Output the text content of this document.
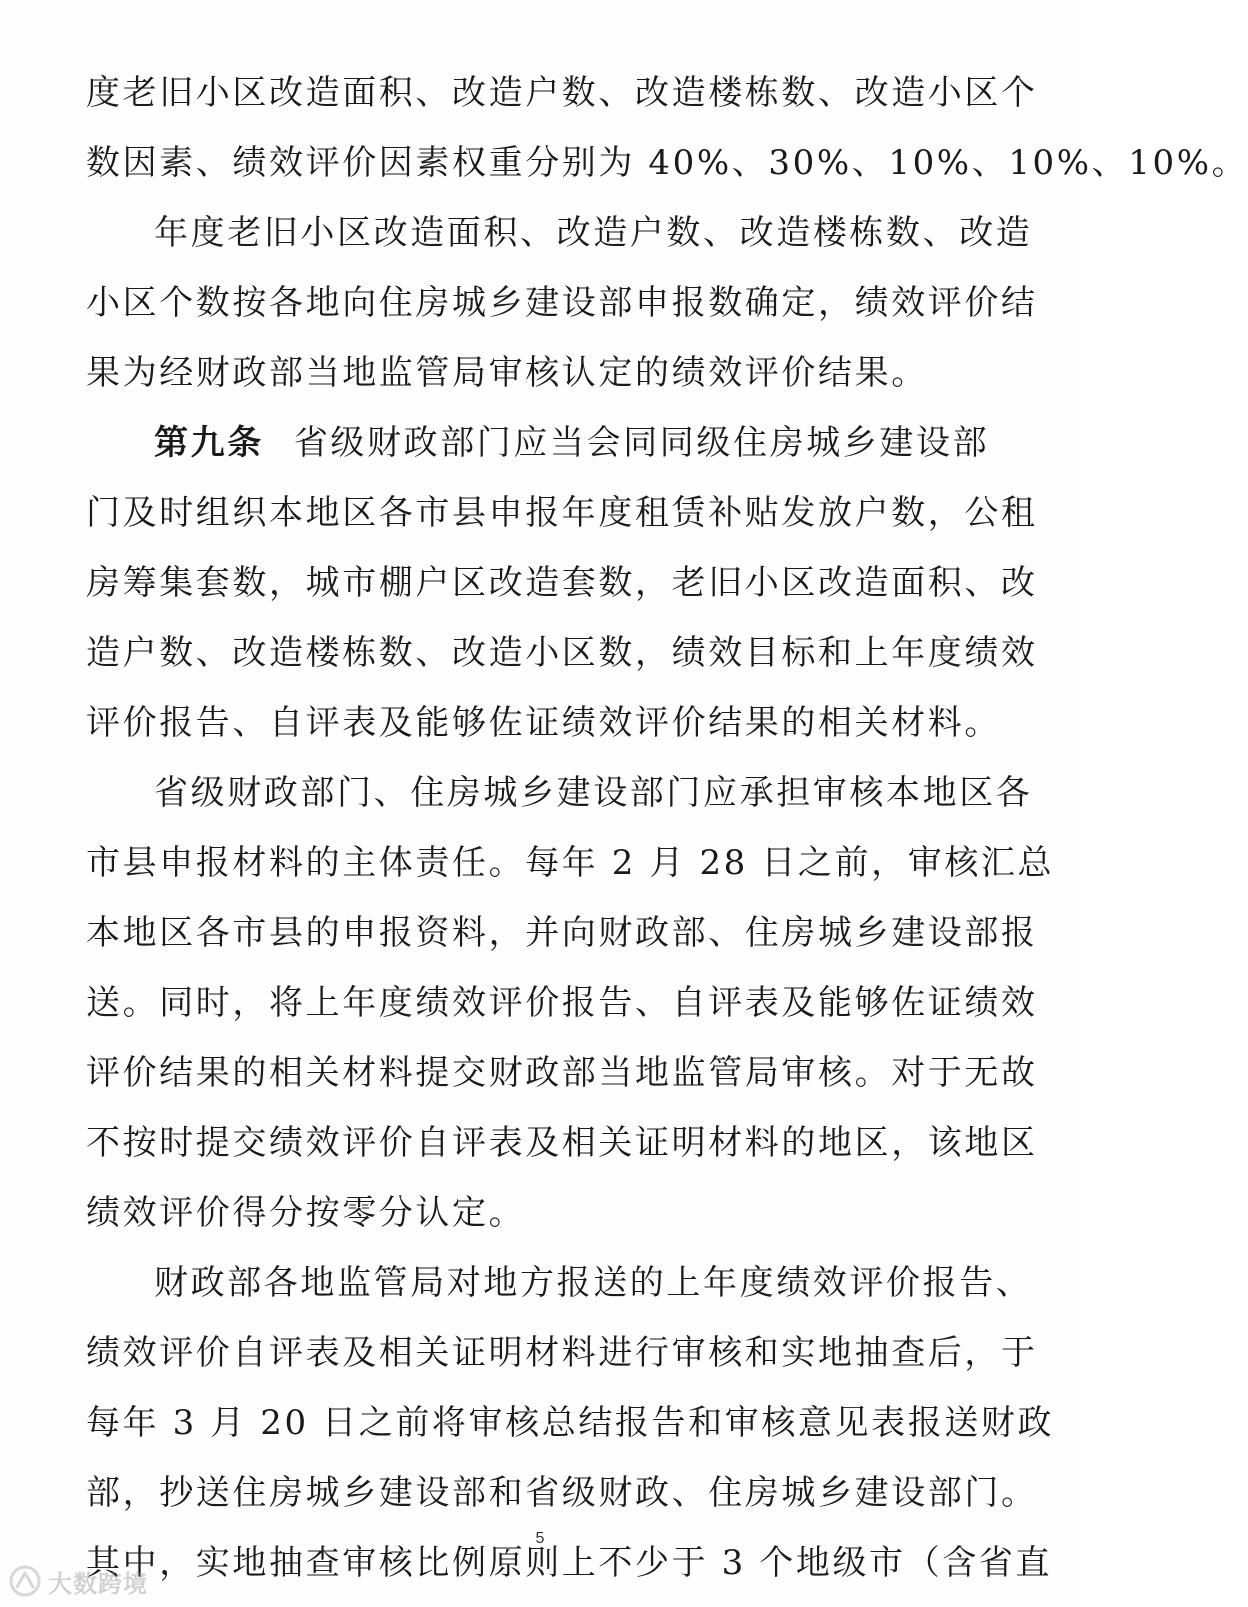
度老旧小区改造面积、改造户数、改造楼栋数、改造小区个
数因素、绩效评价因素权重分别为 40%、30%、10%、10%、10%。
年度老旧小区改造面积、改造户数、改造楼栋数、改造
小区个数按各地向住房城乡建设部申报数确定，绩效评价结
果为经财政部当地监管局审核认定的绩效评价结果。
第九条 省级财政部门应当会同同级住房城乡建设部
门及时组织本地区各市县申报年度租赁补贴发放户数，公租
房筹集套数，城市棚户区改造套数，老旧小区改造面积、改
造户数、改造楼栋数、改造小区数，绩效目标和上年度绩效
评价报告、自评表及能够佐证绩效评价结果的相关材料。
省级财政部门、住房城乡建设部门应承担审核本地区各
市县申报材料的主体责任。每年 2 月 28 日之前，审核汇总
本地区各市县的申报资料，并向财政部、住房城乡建设部报
送。同时，将上年度绩效评价报告、自评表及能够佐证绩效
评价结果的相关材料提交财政部当地监管局审核。对于无故
不按时提交绩效评价自评表及相关证明材料的地区，该地区
绩效评价得分按零分认定。
财政部各地监管局对地方报送的上年度绩效评价报告、
绩效评价自评表及相关证明材料进行审核和实地抽查后，于
每年 3 月 20 日之前将审核总结报告和审核意见表报送财政
部，抄送住房城乡建设部和省级财政、住房城乡建设部门。
其中，实地抽查审核比例原则上不少于 3 个地级市（含省直
5
大数跨境
